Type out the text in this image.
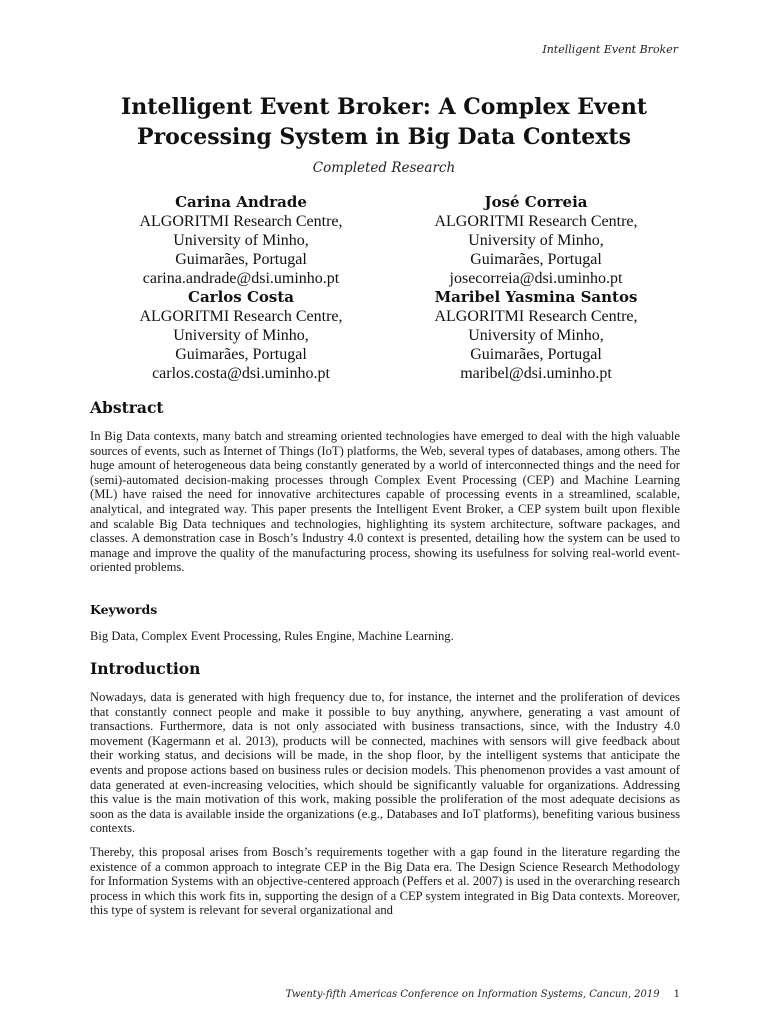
Intelligent Event Broker
Intelligent Event Broker: A Complex Event Processing System in Big Data Contexts
Completed Research
Carina Andrade
ALGORITMI Research Centre,
University of Minho,
Guimarães, Portugal
carina.andrade@dsi.uminho.pt
José Correia
ALGORITMI Research Centre,
University of Minho,
Guimarães, Portugal
josecorreia@dsi.uminho.pt
Carlos Costa
ALGORITMI Research Centre,
University of Minho,
Guimarães, Portugal
carlos.costa@dsi.uminho.pt
Maribel Yasmina Santos
ALGORITMI Research Centre,
University of Minho,
Guimarães, Portugal
maribel@dsi.uminho.pt
Abstract
In Big Data contexts, many batch and streaming oriented technologies have emerged to deal with the high valuable sources of events, such as Internet of Things (IoT) platforms, the Web, several types of databases, among others. The huge amount of heterogeneous data being constantly generated by a world of interconnected things and the need for (semi)-automated decision-making processes through Complex Event Processing (CEP) and Machine Learning (ML) have raised the need for innovative architectures capable of processing events in a streamlined, scalable, analytical, and integrated way. This paper presents the Intelligent Event Broker, a CEP system built upon flexible and scalable Big Data techniques and technologies, highlighting its system architecture, software packages, and classes. A demonstration case in Bosch’s Industry 4.0 context is presented, detailing how the system can be used to manage and improve the quality of the manufacturing process, showing its usefulness for solving real-world event-oriented problems.
Keywords
Big Data, Complex Event Processing, Rules Engine, Machine Learning.
Introduction
Nowadays, data is generated with high frequency due to, for instance, the internet and the proliferation of devices that constantly connect people and make it possible to buy anything, anywhere, generating a vast amount of transactions. Furthermore, data is not only associated with business transactions, since, with the Industry 4.0 movement (Kagermann et al. 2013), products will be connected, machines with sensors will give feedback about their working status, and decisions will be made, in the shop floor, by the intelligent systems that anticipate the events and propose actions based on business rules or decision models. This phenomenon provides a vast amount of data generated at even-increasing velocities, which should be significantly valuable for organizations. Addressing this value is the main motivation of this work, making possible the proliferation of the most adequate decisions as soon as the data is available inside the organizations (e.g., Databases and IoT platforms), benefiting various business contexts.
Thereby, this proposal arises from Bosch’s requirements together with a gap found in the literature regarding the existence of a common approach to integrate CEP in the Big Data era. The Design Science Research Methodology for Information Systems with an objective-centered approach (Peffers et al. 2007) is used in the overarching research process in which this work fits in, supporting the design of a CEP system integrated in Big Data contexts. Moreover, this type of system is relevant for several organizational and
Twenty-fifth Americas Conference on Information Systems, Cancun, 2019 1
